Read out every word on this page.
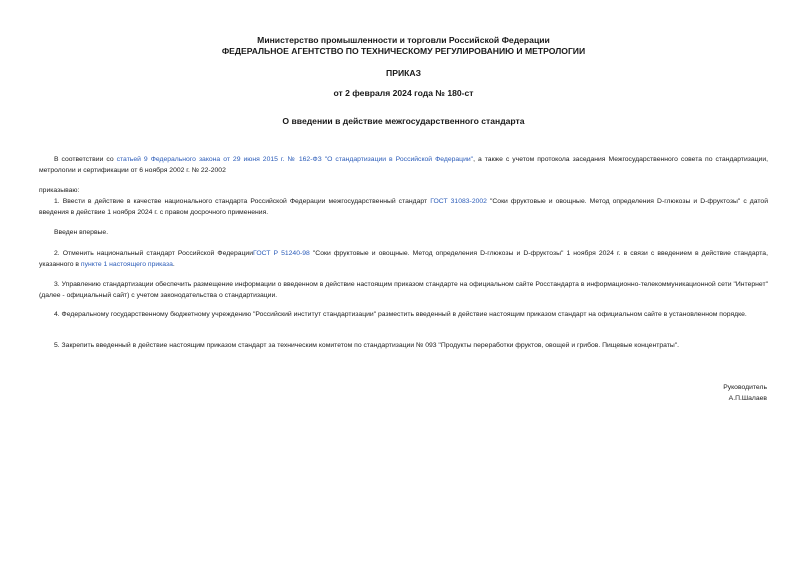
Министерство промышленности и торговли Российской Федерации
ФЕДЕРАЛЬНОЕ АГЕНТСТВО ПО ТЕХНИЧЕСКОМУ РЕГУЛИРОВАНИЮ И МЕТРОЛОГИИ
ПРИКАЗ
от 2 февраля 2024 года № 180-ст
О введении в действие межгосударственного стандарта
В соответствии со статьей 9 Федерального закона от 29 июня 2015 г. № 162-ФЗ "О стандартизации в Российской Федерации", а также с учетом протокола заседания Межгосударственного совета по стандартизации, метрологии и сертификации от 6 ноября 2002 г. № 22-2002
приказываю:
1. Ввести в действие в качестве национального стандарта Российской Федерации межгосударственный стандарт ГОСТ 31083-2002 "Соки фруктовые и овощные. Метод определения D-глюкозы и D-фруктозы" с датой введения в действие 1 ноября 2024 г. с правом досрочного применения.
Введен впервые.
2. Отменить национальный стандарт Российской ФедерацииГОСТ Р 51240-98 "Соки фруктовые и овощные. Метод определения D-глюкозы и D-фруктозы" 1 ноября 2024 г. в связи с введением в действие стандарта, указанного в пункте 1 настоящего приказа.
3. Управлению стандартизации обеспечить размещение информации о введенном в действие настоящим приказом стандарте на официальном сайте Росстандарта в информационно-телекоммуникационной сети "Интернет" (далее - официальный сайт) с учетом законодательства о стандартизации.
4. Федеральному государственному бюджетному учреждению "Российский институт стандартизации" разместить введенный в действие настоящим приказом стандарт на официальном сайте в установленном порядке.
5. Закрепить введенный в действие настоящим приказом стандарт за техническим комитетом по стандартизации № 093 "Продукты переработки фруктов, овощей и грибов. Пищевые концентраты".
Руководитель
А.П.Шалаев
